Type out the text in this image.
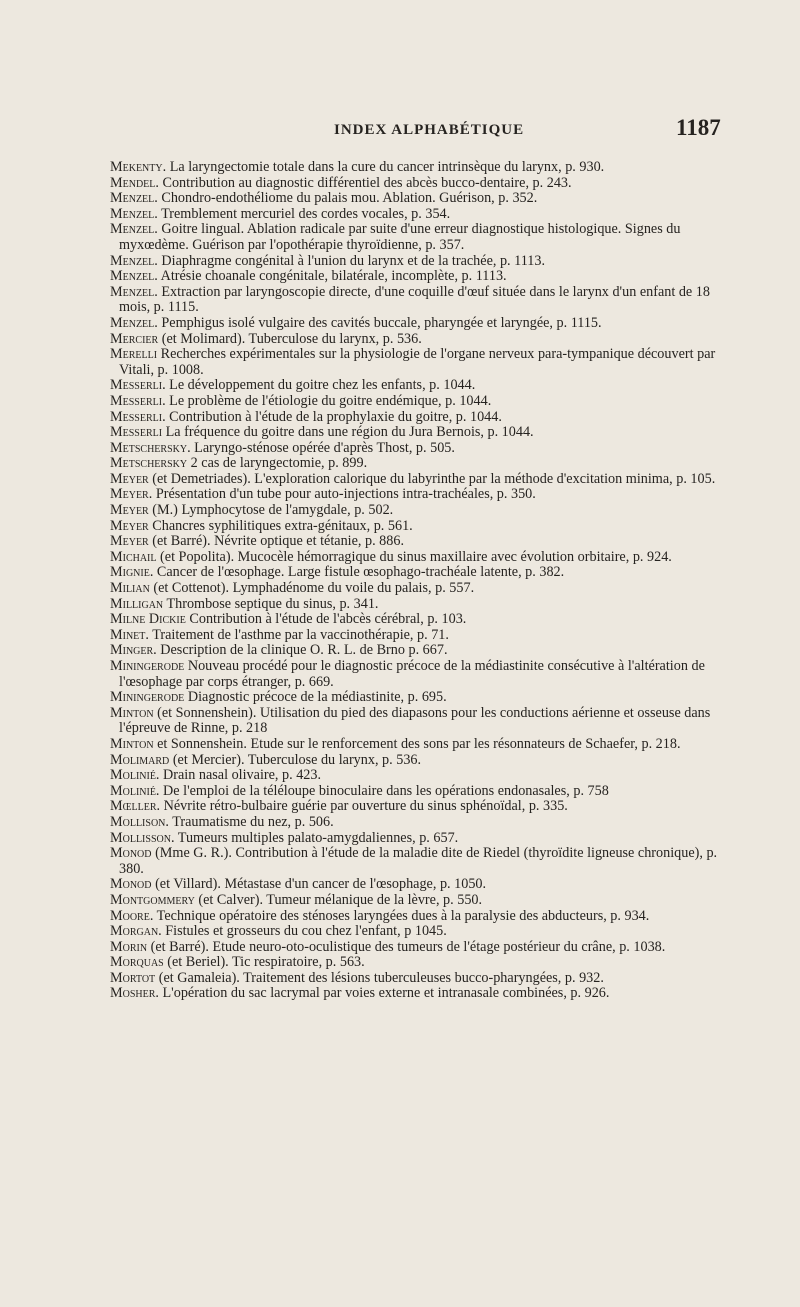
INDEX ALPHABÉTIQUE	1187

Mekenty. La laryngectomie totale dans la cure du cancer intrinsèque du larynx, p. 930.

Mendel. Contribution au diagnostic différentiel des abcès bucco-dentaire, p. 243.

Menzel. Chondro-endothéliome du palais mou. Ablation. Guérison, p. 352.

Menzel. Tremblement mercuriel des cordes vocales, p. 354.

Menzel. Goitre lingual. Ablation radicale par suite d'une erreur diagnostique histologique. Signes du myxœdème. Guérison par l'opothérapie thyroïdienne, p. 357.

Menzel. Diaphragme congénital à l'union du larynx et de la trachée, p. 1113.

Menzel. Atrésie choanale congénitale, bilatérale, incomplète, p. 1113.

Menzel. Extraction par laryngoscopie directe, d'une coquille d'œuf située dans le larynx d'un enfant de 18 mois, p. 1115.

Menzel. Pemphigus isolé vulgaire des cavités buccale, pharyngée et laryngée, p. 1115.

Mercier (et Molimard). Tuberculose du larynx, p. 536.

Merelli Recherches expérimentales sur la physiologie de l'organe nerveux para-tympanique découvert par Vitali, p. 1008.

Messerli. Le développement du goitre chez les enfants, p. 1044.

Messerli. Le problème de l'étiologie du goitre endémique, p. 1044.

Messerli. Contribution à l'étude de la prophylaxie du goitre, p. 1044.

Messerli La fréquence du goitre dans une région du Jura Bernois, p. 1044.

Metschersky. Laryngo-sténose opérée d'après Thost, p. 505.

Metschersky 2 cas de laryngectomie, p. 899.

Meyer (et Demetriades). L'exploration calorique du labyrinthe par la méthode d'excitation minima, p. 105.

Meyer. Présentation d'un tube pour auto-injections intra-trachéales, p. 350.

Meyer (M.) Lymphocytose de l'amygdale, p. 502.

Meyer Chancres syphilitiques extra-génitaux, p. 561.

Meyer (et Barré). Névrite optique et tétanie, p. 886.

Michail (et Popolita). Mucocèle hémorragique du sinus maxillaire avec évolution orbitaire, p. 924.

Mignie. Cancer de l'œsophage. Large fistule œsophago-trachéale latente, p. 382.

Milian (et Cottenot). Lymphadénome du voile du palais, p. 557.

Milligan Thrombose septique du sinus, p. 341.

Milne Dickie Contribution à l'étude de l'abcès cérébral, p. 103.

Minet. Traitement de l'asthme par la vaccinothérapie, p. 71.

Minger. Description de la clinique O. R. L. de Brno p. 667.

Miningerode Nouveau procédé pour le diagnostic précoce de la médiastinite consécutive à l'altération de l'œsophage par corps étranger, p. 669.

Miningerode Diagnostic précoce de la médiastinite, p. 695.

Minton (et Sonnenshein). Utilisation du pied des diapasons pour les conductions aérienne et osseuse dans l'épreuve de Rinne, p. 218

Minton et Sonnenshein. Etude sur le renforcement des sons par les résonnateurs de Schaefer, p. 218.

Molimard (et Mercier). Tuberculose du larynx, p. 536.

Molinié. Drain nasal olivaire, p. 423.

Molinié. De l'emploi de la téléloupe binoculaire dans les opérations endonasales, p. 758

Mœller. Névrite rétro-bulbaire guérie par ouverture du sinus sphénoïdal, p. 335.

Mollison. Traumatisme du nez, p. 506.

Mollisson. Tumeurs multiples palato-amygdaliennes, p. 657.

Monod (Mme G. R.). Contribution à l'étude de la maladie dite de Riedel (thyroïdite ligneuse chronique), p. 380.

Monod (et Villard). Métastase d'un cancer de l'œsophage, p. 1050.

Montgommery (et Calver). Tumeur mélanique de la lèvre, p. 550.

Moore. Technique opératoire des sténoses laryngées dues à la paralysie des abducteurs, p. 934.

Morgan. Fistules et grosseurs du cou chez l'enfant, p 1045.

Morin (et Barré). Etude neuro-oto-oculistique des tumeurs de l'étage postérieur du crâne, p. 1038.

Morquas (et Beriel). Tic respiratoire, p. 563.

Mortot (et Gamaleia). Traitement des lésions tuberculeuses bucco-pharyngées, p. 932.

Mosher. L'opération du sac lacrymal par voies externe et intranasale combinées, p. 926.
